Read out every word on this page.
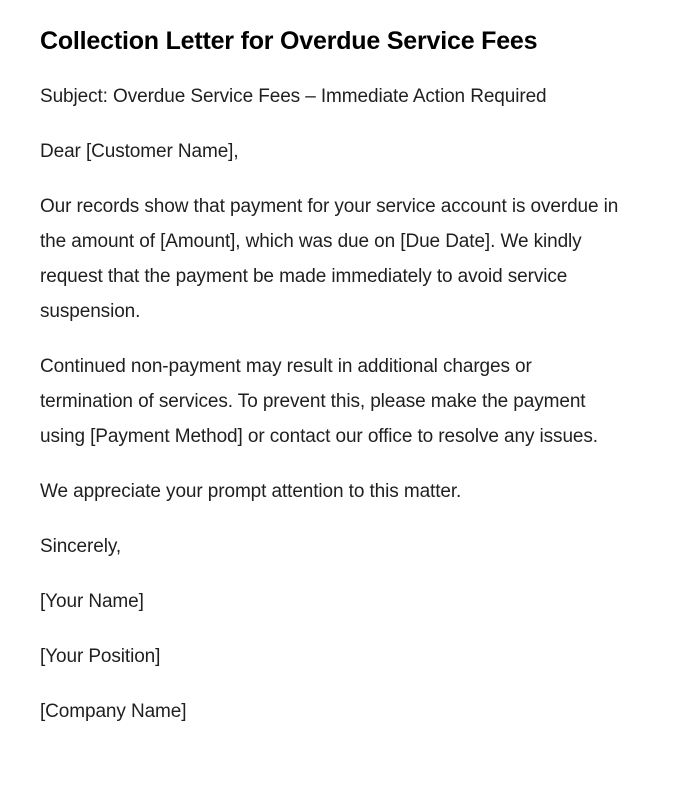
Collection Letter for Overdue Service Fees

Subject: Overdue Service Fees – Immediate Action Required

Dear [Customer Name],

Our records show that payment for your service account is overdue in the amount of [Amount], which was due on [Due Date]. We kindly request that the payment be made immediately to avoid service suspension.

Continued non-payment may result in additional charges or termination of services. To prevent this, please make the payment using [Payment Method] or contact our office to resolve any issues.

We appreciate your prompt attention to this matter.

Sincerely,

[Your Name]

[Your Position]

[Company Name]
